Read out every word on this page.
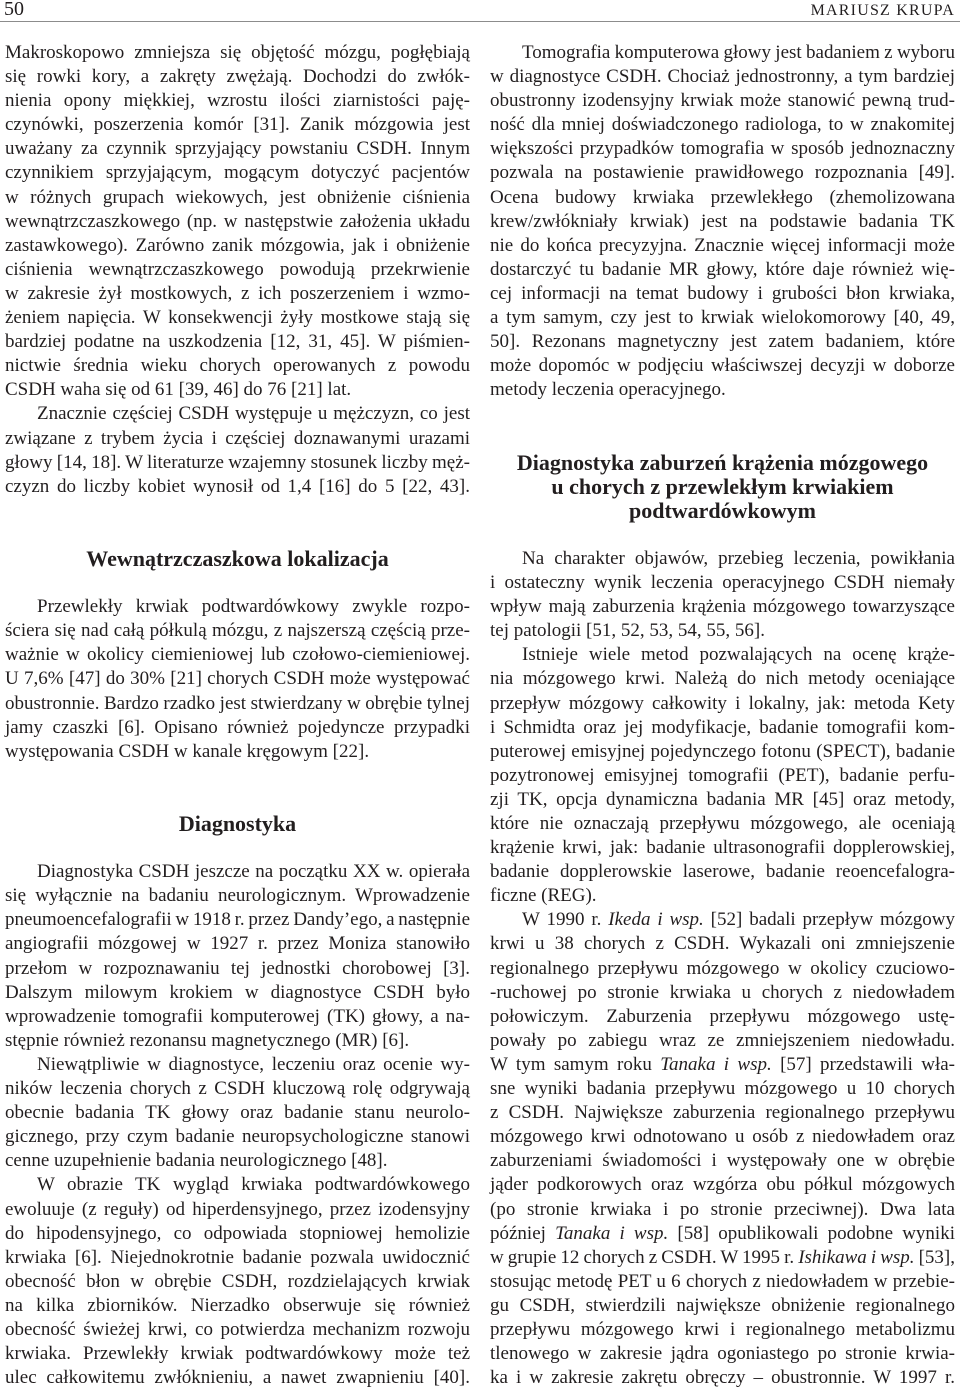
50	MARIUSZ KRUPA
Makroskopowo zmniejsza się objętość mózgu, pogłębiają
się rowki kory, a zakręty zwężają. Dochodzi do zwłók-
nienia opony miękkiej, wzrostu ilości ziarnistości paję-
czynówki, poszerzenia komór [31]. Zanik mózgowia jest
uważany za czynnik sprzyjający powstaniu CSDH. Innym
czynnikiem sprzyjającym, mogącym dotyczyć pacjentów
w różnych grupach wiekowych, jest obniżenie ciśnienia
wewnątrzczaszkowego (np. w następstwie założenia układu
zastawkowego). Zarówno zanik mózgowia, jak i obniżenie
ciśnienia wewnątrzczaszkowego powodują przekrwienie
w zakresie żył mostkowych, z ich poszerzeniem i wzmo-
żeniem napięcia. W konsekwencji żyły mostkowe stają się
bardziej podatne na uszkodzenia [12, 31, 45]. W piśmien-
nictwie średnia wieku chorych operowanych z powodu
CSDH waha się od 61 [39, 46] do 76 [21] lat.
Znacznie częściej CSDH występuje u mężczyzn, co jest
związane z trybem życia i częściej doznawanymi urazami
głowy [14, 18]. W literaturze wzajemny stosunek liczby męż-
czyzn do liczby kobiet wynosił od 1,4 [16] do 5 [22, 43].
Wewnątrzczaszkowa lokalizacja
Przewlekły krwiak podtwardówkowy zwykle rozpo-
ściera się nad całą półkulą mózgu, z najszerszą częścią prze-
ważnie w okolicy ciemieniowej lub czołowo-ciemieniowej.
U 7,6% [47] do 30% [21] chorych CSDH może występować
obustronnie. Bardzo rzadko jest stwierdzany w obrębie tylnej
jamy czaszki [6]. Opisano również pojedyncze przypadki
występowania CSDH w kanale kręgowym [22].
Diagnostyka
Diagnostyka CSDH jeszcze na początku XX w. opierała
się wyłącznie na badaniu neurologicznym. Wprowadzenie
pneumoencefalografii w 1918 r. przez Dandy’ego, a następnie
angiografii mózgowej w 1927 r. przez Moniza stanowiło
przełom w rozpoznawaniu tej jednostki chorobowej [3].
Dalszym milowym krokiem w diagnostyce CSDH było
wprowadzenie tomografii komputerowej (TK) głowy, a na-
stępnie również rezonansu magnetycznego (MR) [6].
Niewątpliwie w diagnostyce, leczeniu oraz ocenie wy-
ników leczenia chorych z CSDH kluczową rolę odgrywają
obecnie badania TK głowy oraz badanie stanu neurolo-
gicznego, przy czym badanie neuropsychologiczne stanowi
cenne uzupełnienie badania neurologicznego [48].
W obrazie TK wygląd krwiaka podtwardówkowego
ewoluuje (z reguły) od hiperdensyjnego, przez izodensyjny
do hipodensyjnego, co odpowiada stopniowej hemolizie
krwiaka [6]. Niejednokrotnie badanie pozwala uwidocznić
obecność błon w obrębie CSDH, rozdzielających krwiak
na kilka zbiorników. Nierzadko obserwuje się również
obecność świeżej krwi, co potwierdza mechanizm rozwoju
krwiaka. Przewlekły krwiak podtwardówkowy może też
ulec całkowitemu zwłóknieniu, a nawet zwapnieniu [40].
Tomografia komputerowa głowy jest badaniem z wyboru
w diagnostyce CSDH. Chociaż jednostronny, a tym bardziej
obustronny izodensyjny krwiak może stanowić pewną trud-
ność dla mniej doświadczonego radiologa, to w znakomitej
większości przypadków tomografia w sposób jednoznaczny
pozwala na postawienie prawidłowego rozpoznania [49].
Ocena budowy krwiaka przewlekłego (zhemolizowana
krew/zwłókniały krwiak) jest na podstawie badania TK
nie do końca precyzyjna. Znacznie więcej informacji może
dostarczyć tu badanie MR głowy, które daje również wię-
cej informacji na temat budowy i grubości błon krwiaka,
a tym samym, czy jest to krwiak wielokomorowy [40, 49,
50]. Rezonans magnetyczny jest zatem badaniem, które
może dopomóc w podjęciu właściwszej decyzji w doborze
metody leczenia operacyjnego.
Diagnostyka zaburzeń krążenia mózgowego
u chorych z przewlekłym krwiakiem
podtwardówkowym
Na charakter objawów, przebieg leczenia, powikłania
i ostateczny wynik leczenia operacyjnego CSDH niemały
wpływ mają zaburzenia krążenia mózgowego towarzyszące
tej patologii [51, 52, 53, 54, 55, 56].
Istnieje wiele metod pozwalających na ocenę krąże-
nia mózgowego krwi. Należą do nich metody oceniające
przepływ mózgowy całkowity i lokalny, jak: metoda Kety
i Schmidta oraz jej modyfikacje, badanie tomografii kom-
puterowej emisyjnej pojedynczego fotonu (SPECT), badanie
pozytronowej emisyjnej tomografii (PET), badanie perfu-
zji TK, opcja dynamiczna badania MR [45] oraz metody,
które nie oznaczają przepływu mózgowego, ale oceniają
krążenie krwi, jak: badanie ultrasonografii dopplerowskiej,
badanie dopplerowskie laserowe, badanie reoencefalogra-
ficzne (REG).
W 1990 r. Ikeda i wsp. [52] badali przepływ mózgowy
krwi u 38 chorych z CSDH. Wykazali oni zmniejszenie
regionalnego przepływu mózgowego w okolicy czuciowo-
-ruchowej po stronie krwiaka u chorych z niedowładem
połowiczym. Zaburzenia przepływu mózgowego ustę-
powały po zabiegu wraz ze zmniejszeniem niedowładu.
W tym samym roku Tanaka i wsp. [57] przedstawili wła-
sne wyniki badania przepływu mózgowego u 10 chorych
z CSDH. Największe zaburzenia regionalnego przepływu
mózgowego krwi odnotowano u osób z niedowładem oraz
zaburzeniami świadomości i występowały one w obrębie
jąder podkorowych oraz wzgórza obu półkul mózgowych
(po stronie krwiaka i po stronie przeciwnej). Dwa lata
później Tanaka i wsp. [58] opublikowali podobne wyniki
w grupie 12 chorych z CSDH. W 1995 r. Ishikawa i wsp. [53],
stosując metodę PET u 6 chorych z niedowładem w przebie-
gu CSDH, stwierdzili największe obniżenie regionalnego
przepływu mózgowego krwi i regionalnego metabolizmu
tlenowego w zakresie jądra ogoniastego po stronie krwia-
ka i w zakresie zakrętu obręczy – obustronnie. W 1997 r.
